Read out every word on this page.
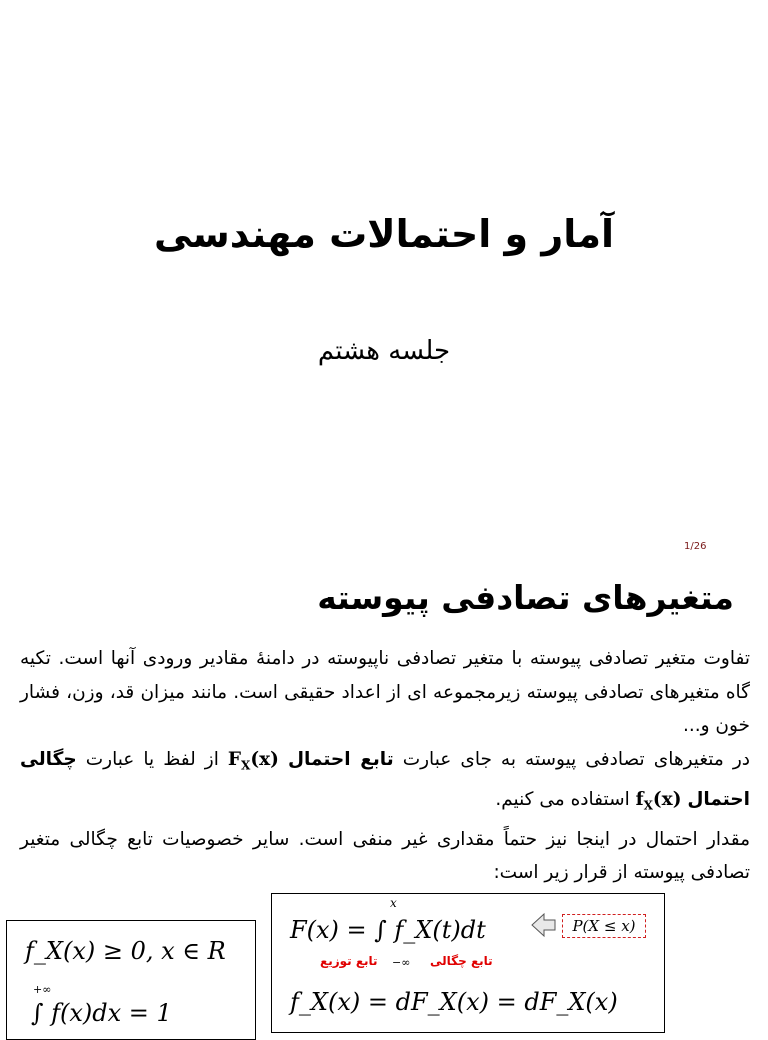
آمار و احتمالات مهندسی
جلسه هشتم
1/26
متغیرهای تصادفی پیوسته

تفاوت متغیر تصادفی پیوسته با متغیر تصادفی ناپیوسته در دامنۀ مقادیر ورودی آنها است. تکیه گاه متغیرهای تصادفی پیوسته زیرمجموعه ای از اعداد حقیقی است. مانند میزان قد، وزن، فشار خون و...

در متغیرهای تصادفی پیوسته به جای عبارت تابع احتمال $F_X(x)$ از لفظ یا عبارت چگالی احتمال $f_X(x)$ استفاده می کنیم.

مقدار احتمال در اینجا نیز حتماً مقداری غیر منفی است. سایر خصوصیات تابع چگالی متغیر تصادفی پیوسته از قرار زیر است:

f_X(x) ≥ 0, x ∈ R
+∞
∫ f(x)dx = 1
x
F(x) = ∫ f_X(t)dt
−∞
تابع توزیع	تابع چگالی
f_X(x) = dF_X(x) = dF_X(x)
P(X ≤ x)
